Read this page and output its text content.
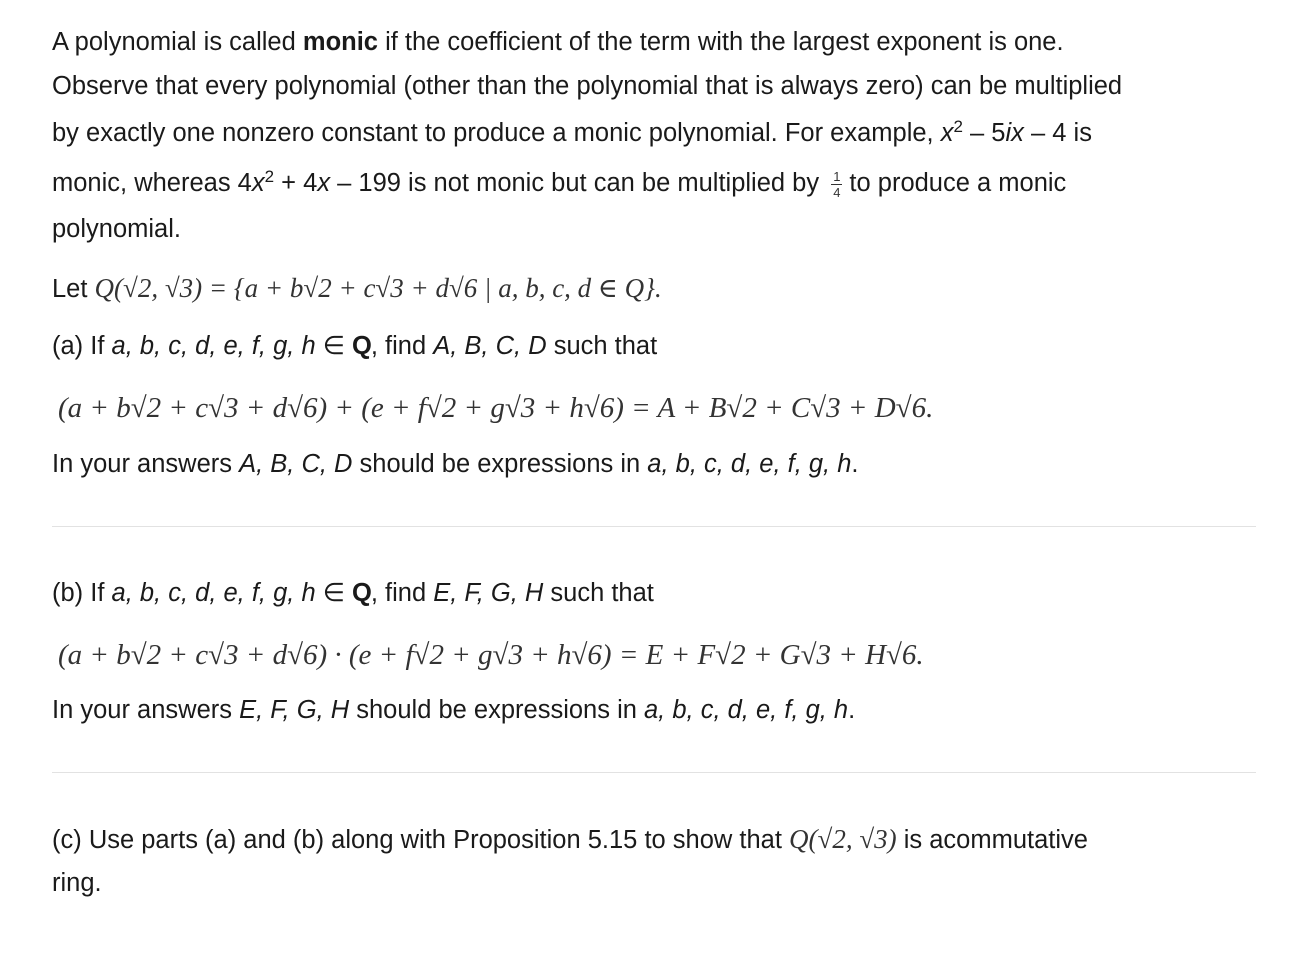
A polynomial is called monic if the coefficient of the term with the largest exponent is one.
Observe that every polynomial (other than the polynomial that is always zero) can be multiplied
by exactly one nonzero constant to produce a monic polynomial. For example, $x^2 - 5ix - 4$ is
monic, whereas $4x^2 + 4x - 199$ is not monic but can be multiplied by $\frac{1}{4}$ to produce a monic
polynomial.
Let Q(√2, √3) = {a + b√2 + c√3 + d√6 | a, b, c, d ∈ Q}.
(a) If a, b, c, d, e, f, g, h ∈ Q, find A, B, C, D such that
(a + b√2 + c√3 + d√6) + (e + f√2 + g√3 + h√6) = A + B√2 + C√3 + D√6.
In your answers A, B, C, D should be expressions in a, b, c, d, e, f, g, h.
(b) If a, b, c, d, e, f, g, h ∈ Q, find E, F, G, H such that
(a + b√2 + c√3 + d√6) · (e + f√2 + g√3 + h√6) = E + F√2 + G√3 + H√6.
In your answers E, F, G, H should be expressions in a, b, c, d, e, f, g, h.
(c) Use parts (a) and (b) along with Proposition 5.15 to show that Q(√2, √3) is acommutative
ring.
